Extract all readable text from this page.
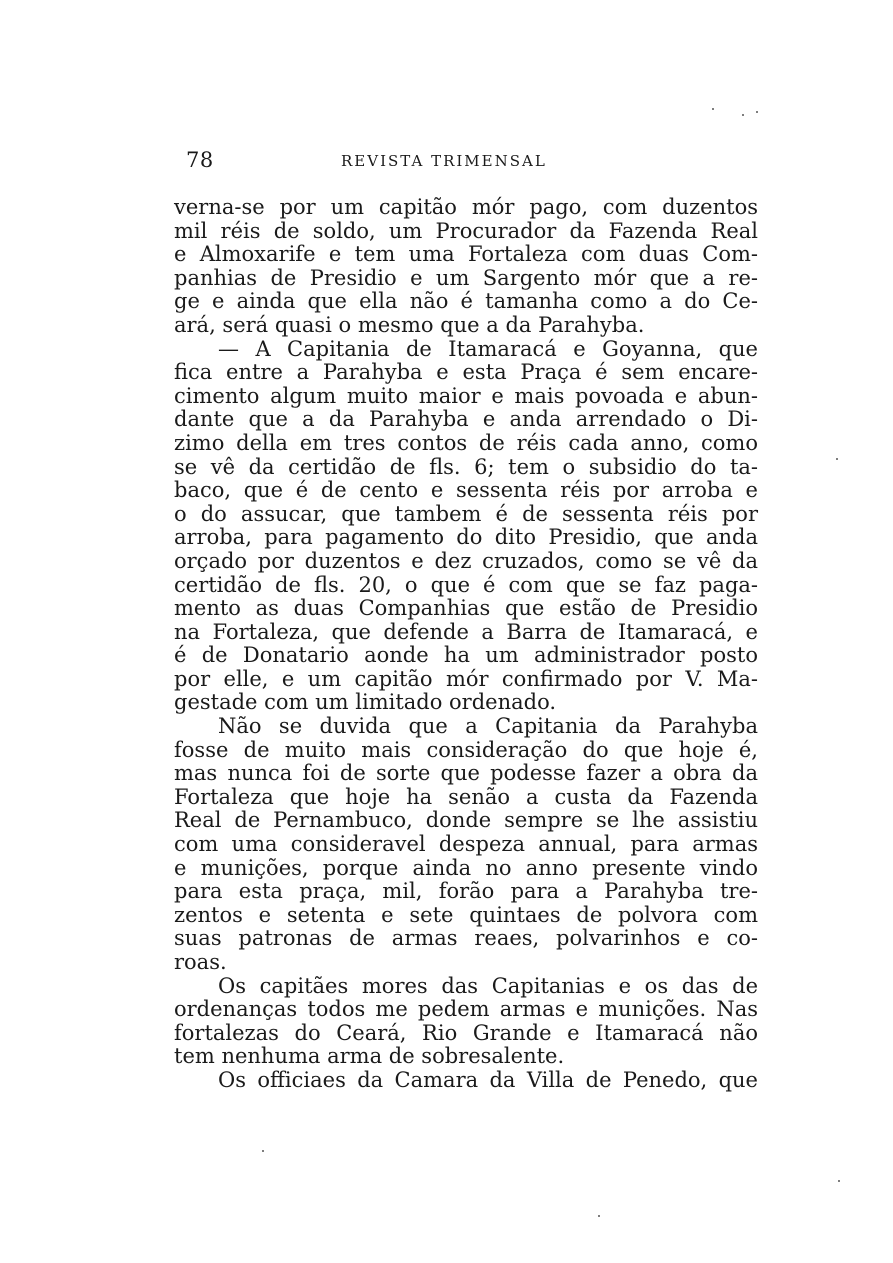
78	REVISTA TRIMENSAL
verna-se por um capitão mór pago, com duzentos
mil réis de soldo, um Procurador da Fazenda Real
e Almoxarife e tem uma Fortaleza com duas Com-
panhias de Presidio e um Sargento mór que a re-
ge e ainda que ella não é tamanha como a do Ce-
ará, será quasi o mesmo que a da Parahyba.
— A Capitania de Itamaracá e Goyanna, que
fica entre a Parahyba e esta Praça é sem encare-
cimento algum muito maior e mais povoada e abun-
dante que a da Parahyba e anda arrendado o Di-
zimo della em tres contos de réis cada anno, como
se vê da certidão de fls. 6; tem o subsidio do ta-
baco, que é de cento e sessenta réis por arroba e
o do assucar, que tambem é de sessenta réis por
arroba, para pagamento do dito Presidio, que anda
orçado por duzentos e dez cruzados, como se vê da
certidão de fls. 20, o que é com que se faz paga-
mento as duas Companhias que estão de Presidio
na Fortaleza, que defende a Barra de Itamaracá, e
é de Donatario aonde ha um administrador posto
por elle, e um capitão mór confirmado por V. Ma-
gestade com um limitado ordenado.
Não se duvida que a Capitania da Parahyba
fosse de muito mais consideração do que hoje é,
mas nunca foi de sorte que podesse fazer a obra da
Fortaleza que hoje ha senão a custa da Fazenda
Real de Pernambuco, donde sempre se lhe assistiu
com uma consideravel despeza annual, para armas
e munições, porque ainda no anno presente vindo
para esta praça, mil, forão para a Parahyba tre-
zentos e setenta e sete quintaes de polvora com
suas patronas de armas reaes, polvarinhos e co-
roas.
Os capitães mores das Capitanias e os das de
ordenanças todos me pedem armas e munições. Nas
fortalezas do Ceará, Rio Grande e Itamaracá não
tem nenhuma arma de sobresalente.
Os officiaes da Camara da Villa de Penedo, que
